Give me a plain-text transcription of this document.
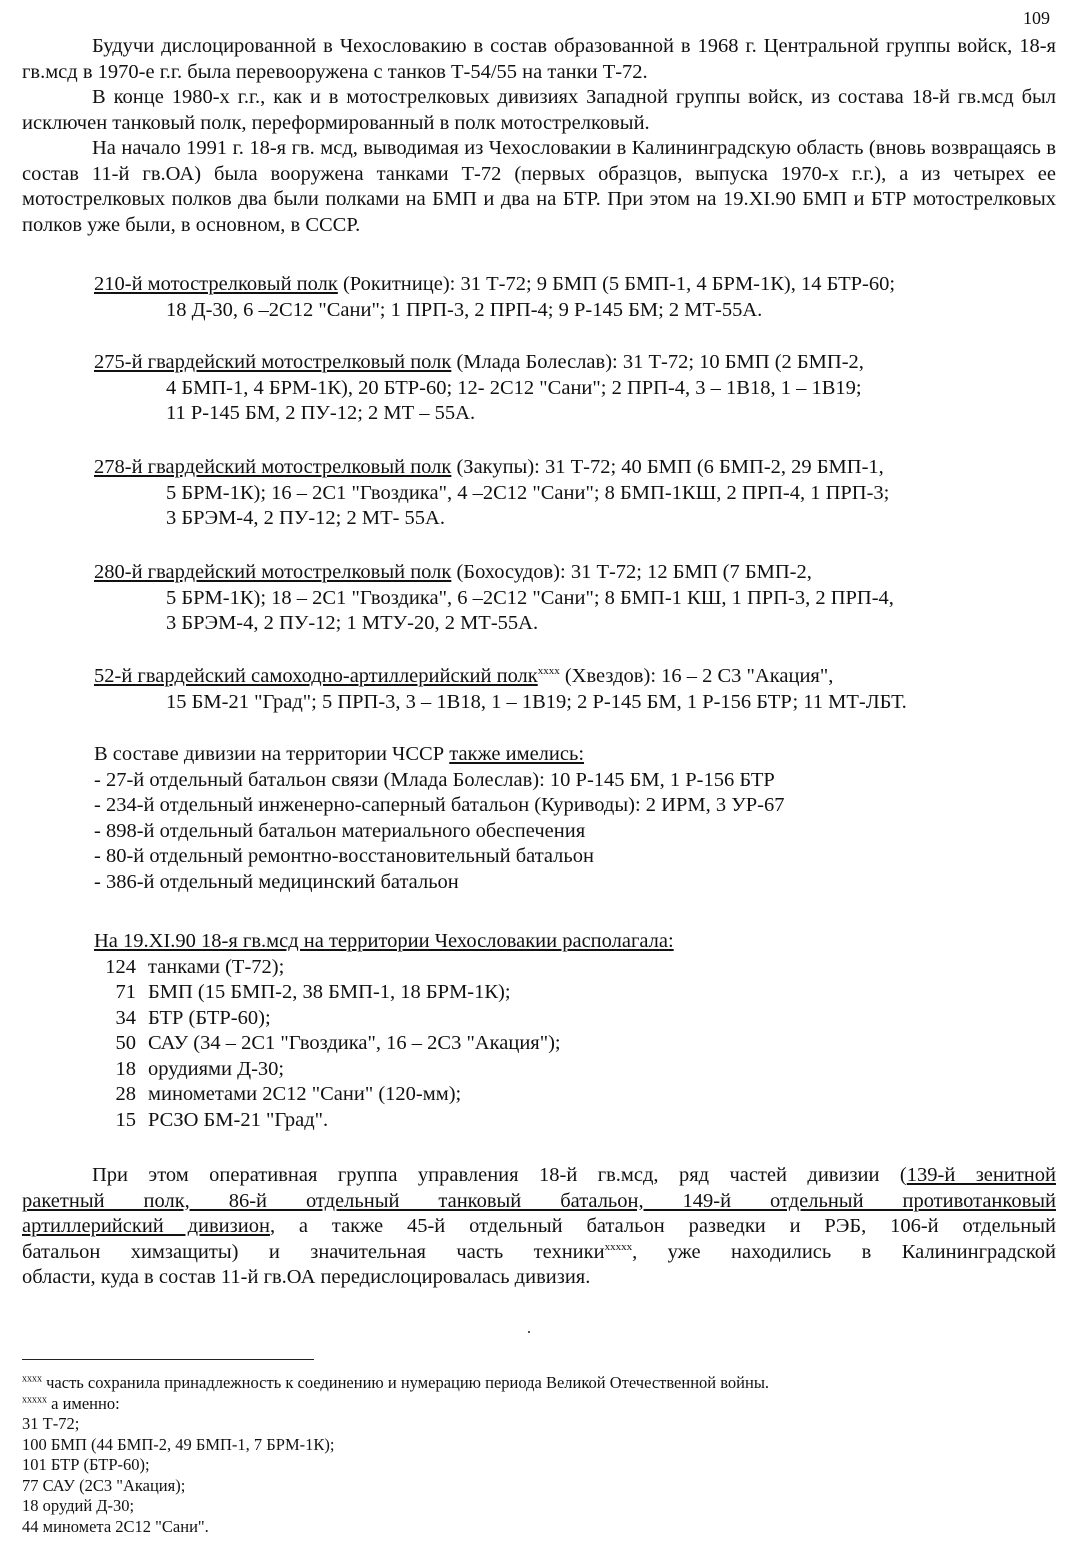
109

Будучи дислоцированной в Чехословакию в состав образованной в 1968 г. Центральной группы войск, 18-я гв.мсд в 1970-е г.г. была перевооружена с танков Т-54/55 на танки Т-72.

В конце 1980-х г.г., как и в мотострелковых дивизиях Западной группы войск, из состава 18-й гв.мсд был исключен танковый полк, переформированный в полк мотострелковый.

На начало 1991 г. 18-я гв. мсд, выводимая из Чехословакии в Калининградскую область (вновь возвращаясь в состав 11-й гв.ОА) была вооружена танками Т-72 (первых образцов, выпуска 1970-х г.г.), а из четырех ее мотострелковых полков два были полками на БМП и два на БТР. При этом на 19.XI.90 БМП и БТР мотострелковых полков уже были, в основном, в СССР.

210-й мотострелковый полк (Рокитнице): 31 Т-72; 9 БМП (5 БМП-1, 4 БРМ-1К), 14 БТР-60;
18 Д-30, 6 –2С12 "Сани"; 1 ПРП-3, 2 ПРП-4; 9 Р-145 БМ; 2 МТ-55А.
275-й гвардейский мотострелковый полк (Млада Болеслав): 31 Т-72; 10 БМП (2 БМП-2,
4 БМП-1, 4 БРМ-1К), 20 БТР-60; 12- 2С12 "Сани"; 2 ПРП-4, 3 – 1В18, 1 – 1В19;
11 Р-145 БМ, 2 ПУ-12; 2 МТ – 55А.
278-й гвардейский мотострелковый полк (Закупы): 31 Т-72; 40 БМП (6 БМП-2, 29 БМП-1,
5 БРМ-1К); 16 – 2С1 "Гвоздика", 4 –2С12 "Сани"; 8 БМП-1КШ, 2 ПРП-4, 1 ПРП-3;
3 БРЭМ-4, 2 ПУ-12; 2 МТ- 55А.
280-й гвардейский мотострелковый полк (Бохосудов): 31 Т-72; 12 БМП (7 БМП-2,
5 БРМ-1К); 18 – 2С1 "Гвоздика", 6 –2С12 "Сани"; 8 БМП-1 КШ, 1 ПРП-3, 2 ПРП-4,
3 БРЭМ-4, 2 ПУ-12; 1 МТУ-20, 2 МТ-55А.
52-й гвардейский самоходно-артиллерийский полк$^{xxxx}$ (Хвездов): 16 – 2 С3 "Акация",
15 БМ-21 "Град"; 5 ПРП-3, 3 – 1В18, 1 – 1В19; 2 Р-145 БМ, 1 Р-156 БТР; 11 МТ-ЛБТ.
В составе дивизии на территории ЧССР также имелись:
- 27-й отдельный батальон связи (Млада Болеслав): 10 Р-145 БМ, 1 Р-156 БТР
- 234-й отдельный инженерно-саперный батальон (Куриводы): 2 ИРМ, 3 УР-67
- 898-й отдельный батальон материального обеспечения
- 80-й отдельный ремонтно-восстановительный батальон
- 386-й отдельный медицинский батальон
На 19.XI.90 18-я гв.мсд на территории Чехословакии располагала:
124 танками (Т-72);
71 БМП (15 БМП-2, 38 БМП-1, 18 БРМ-1К);
34 БТР (БТР-60);
50 САУ (34 – 2С1 "Гвоздика", 16 – 2С3 "Акация");
18 орудиями Д-30;
28 минометами 2С12 "Сани" (120-мм);
15 РСЗО БМ-21 "Град".
При этом оперативная группа управления 18-й гв.мсд, ряд частей дивизии (139-й зенитной
ракетный полк, 86-й отдельный танковый батальон, 149-й отдельный противотанковый
артиллерийский дивизион, а также 45-й отдельный батальон разведки и РЭБ, 106-й отдельный
батальон химзащиты) и значительная часть техники$^{xxxxx}$, уже находились в Калининградской
области, куда в состав 11-й гв.ОА передислоцировалась дивизия.
$^{xxxx}$ часть сохранила принадлежность к соединению и нумерацию периода Великой Отечественной войны.
$^{xxxxx}$ а именно:
31 Т-72;
100 БМП (44 БМП-2, 49 БМП-1, 7 БРМ-1К);
101 БТР (БТР-60);
77 САУ (2С3 "Акация);
18 орудий Д-30;
44 миномета 2С12 "Сани".
